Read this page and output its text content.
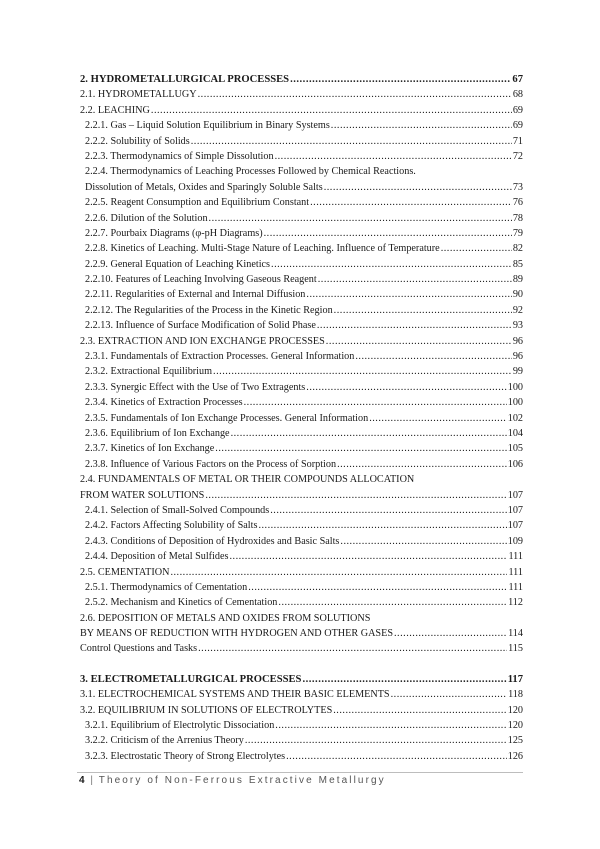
2. HYDROMETALLURGICAL PROCESSES .....	67
2.1. HYDROMETALLUGY .....	68
2.2. LEACHING .....	69
2.2.1. Gas – Liquid Solution Equilibrium in Binary Systems .....	69
2.2.2. Solubility of Solids .....	71
2.2.3. Thermodynamics of Simple Dissolution .....	72
2.2.4. Thermodynamics of Leaching Processes Followed by Chemical Reactions.
Dissolution of Metals, Oxides and Sparingly Soluble Salts .....	73
2.2.5. Reagent Consumption and Equilibrium Constant .....	76
2.2.6. Dilution of the Solution .....	78
2.2.7. Pourbaix Diagrams (φ-pH Diagrams) .....	79
2.2.8. Kinetics of Leaching. Multi-Stage Nature of Leaching. Influence of Temperature .....	82
2.2.9. General Equation of Leaching Kinetics .....	85
2.2.10. Features of Leaching Involving Gaseous Reagent .....	89
2.2.11. Regularities of External and Internal Diffusion .....	90
2.2.12. The Regularities of the Process in the Kinetic Region .....	92
2.2.13. Influence of Surface Modification of Solid Phase .....	93
2.3. EXTRACTION AND ION EXCHANGE PROCESSES .....	96
2.3.1. Fundamentals of Extraction Processes. General Information .....	96
2.3.2. Extractional Equilibrium .....	99
2.3.3. Synergic Effect with the Use of Two Extragents .....	100
2.3.4. Kinetics of Extraction Processes .....	100
2.3.5. Fundamentals of Ion Exchange Processes. General Information .....	102
2.3.6. Equilibrium of Ion Exchange .....	104
2.3.7. Kinetics of Ion Exchange .....	105
2.3.8. Influence of Various Factors on the Process of Sorption .....	106
2.4. FUNDAMENTALS OF METAL OR THEIR COMPOUNDS ALLOCATION
FROM WATER SOLUTIONS .....	107
2.4.1. Selection of Small-Solved Compounds .....	107
2.4.2. Factors Affecting Solubility of Salts .....	107
2.4.3. Conditions of Deposition of Hydroxides and Basic Salts .....	109
2.4.4. Deposition of Metal Sulfides .....	111
2.5. CEMENTATION .....	111
2.5.1. Thermodynamics of Cementation .....	111
2.5.2. Mechanism and Kinetics of Cementation .....	112
2.6. DEPOSITION OF METALS AND OXIDES FROM SOLUTIONS
BY MEANS OF REDUCTION WITH HYDROGEN AND OTHER GASES .....	114
Control Questions and Tasks .....	115
3. ELECTROMETALLURGICAL PROCESSES .....	117
3.1. ELECTROCHEMICAL SYSTEMS AND THEIR BASIC ELEMENTS .....	118
3.2. EQUILIBRIUM IN SOLUTIONS OF ELECTROLYTES .....	120
3.2.1. Equilibrium of Electrolytic Dissociation .....	120
3.2.2. Criticism of the Arrenius Theory .....	125
3.2.3. Electrostatic Theory of Strong Electrolytes .....	126
4 | Theory of Non-Ferrous Extractive Metallurgy
